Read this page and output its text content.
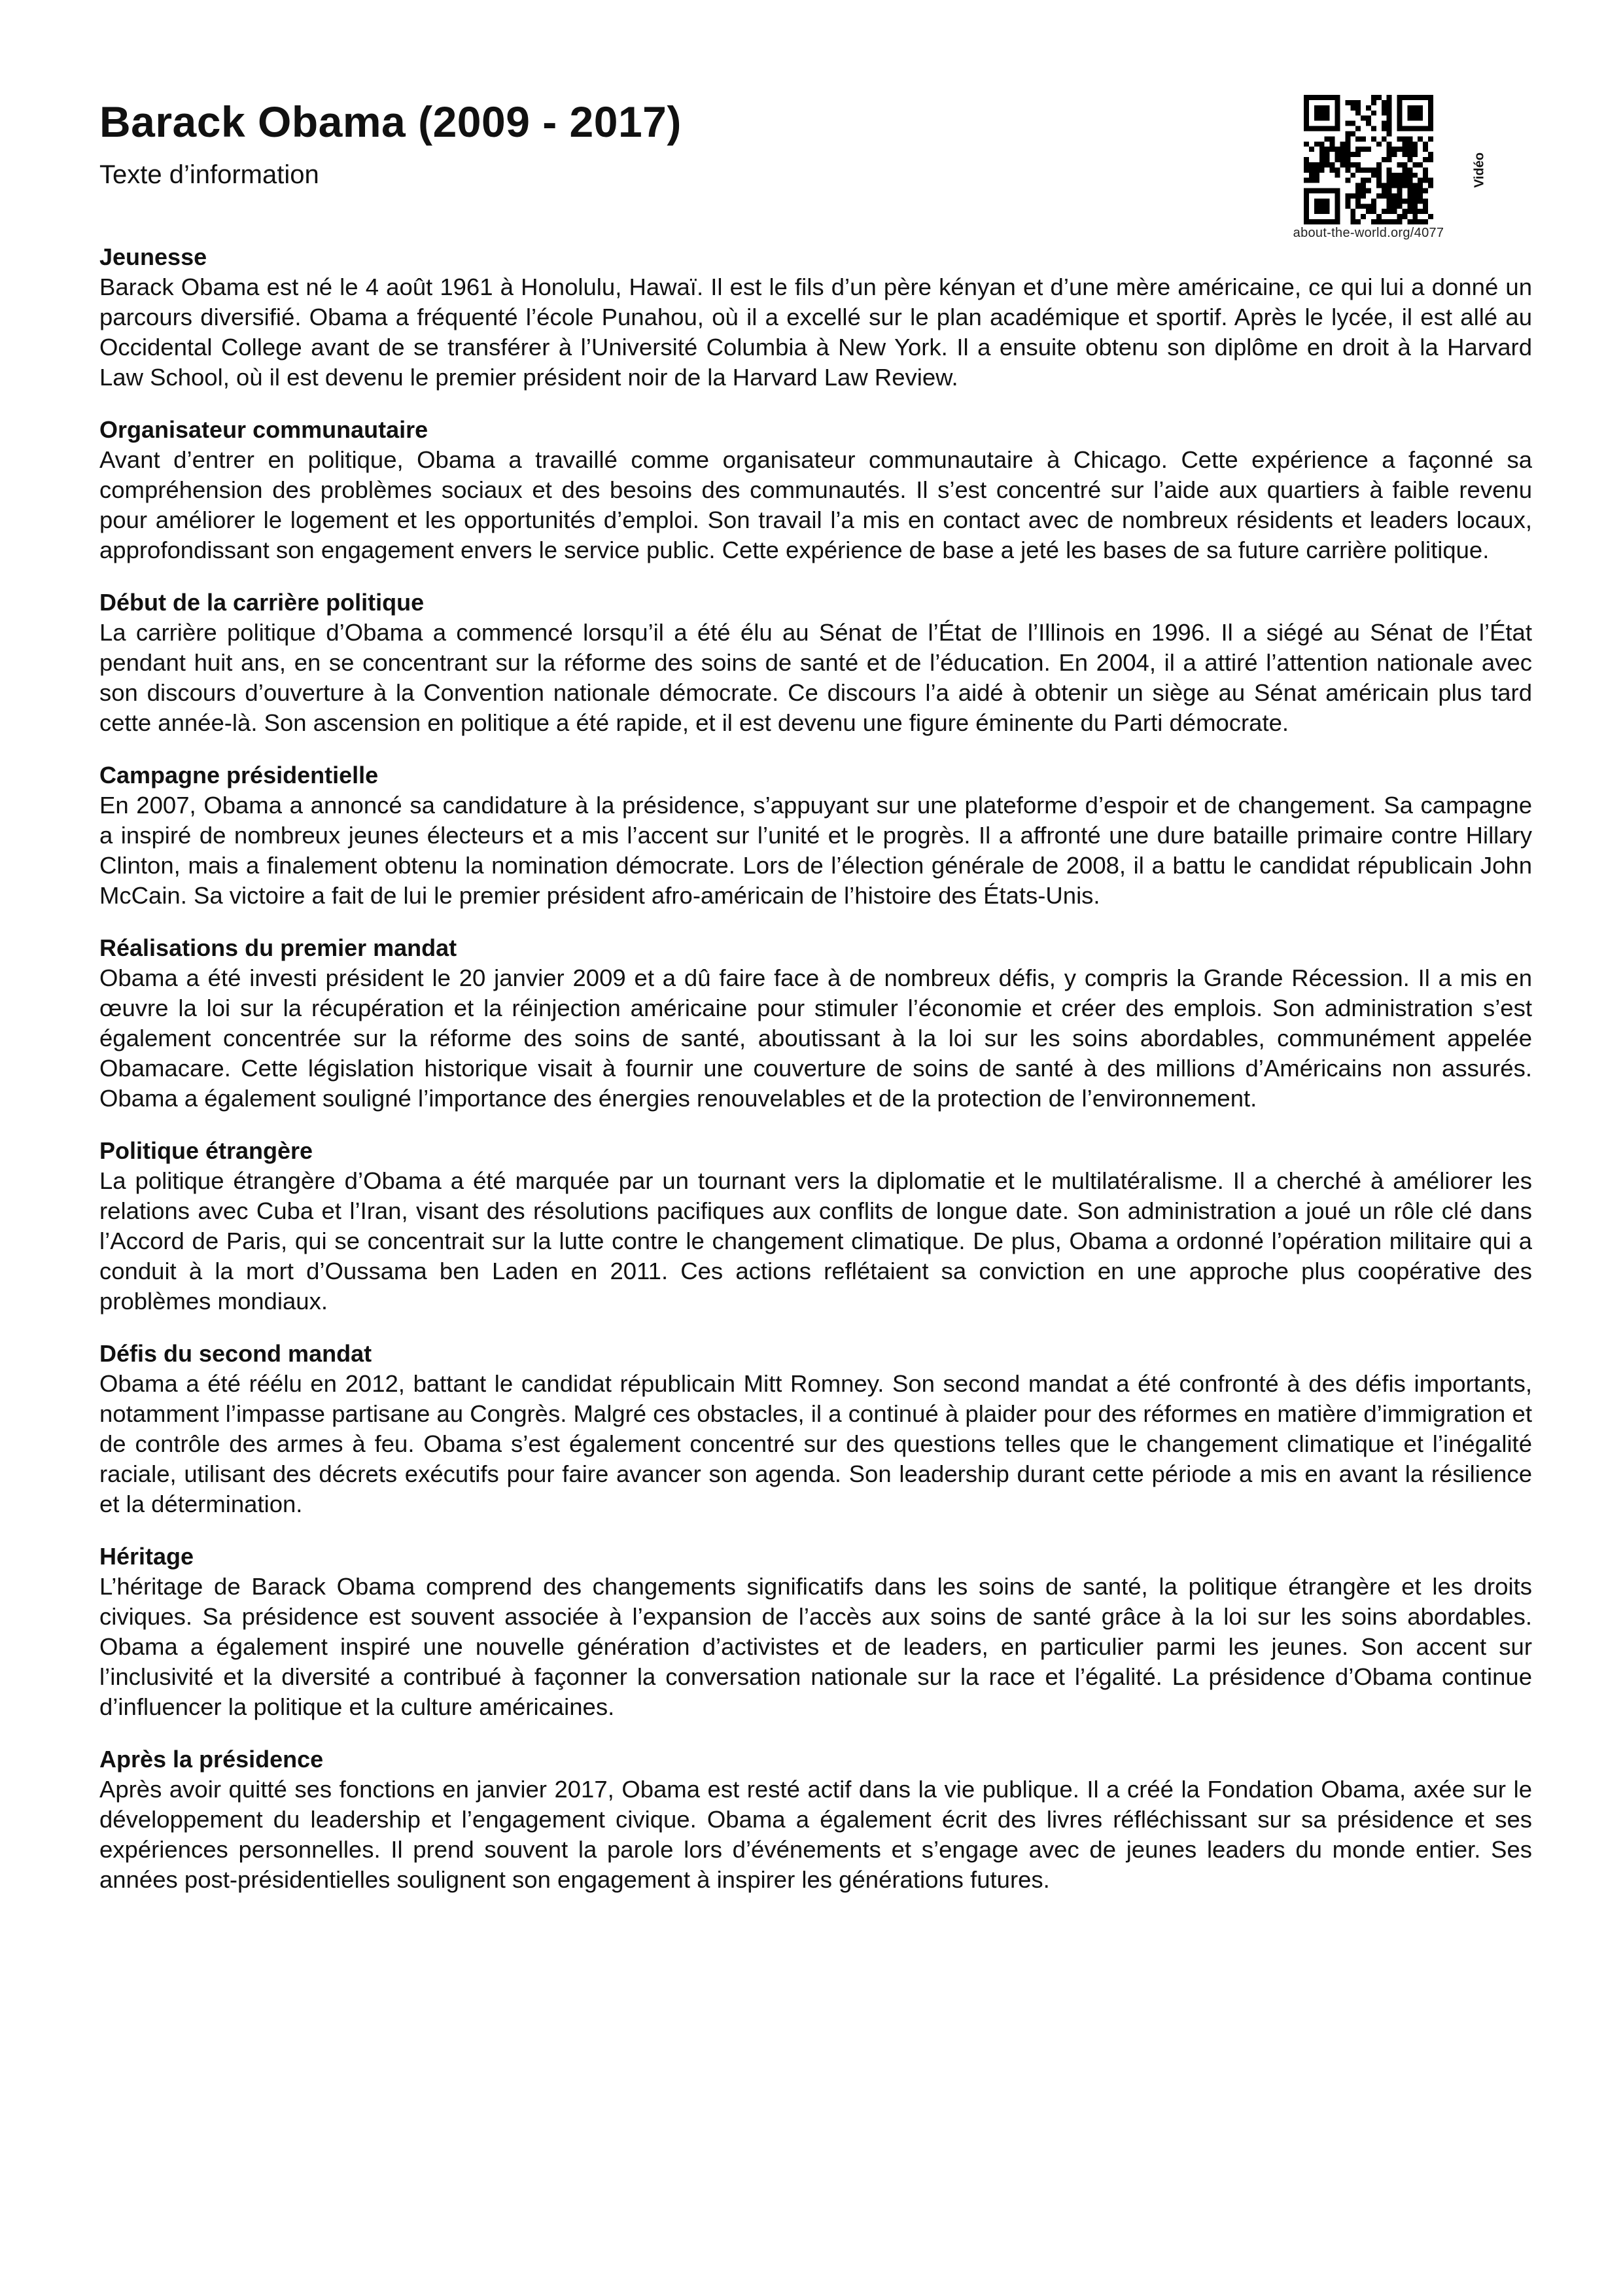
Barack Obama (2009 - 2017)
Texte d’information
about-the-world.org/4077
Vidéo
Jeunesse

Barack Obama est né le 4 août 1961 à Honolulu, Hawaï. Il est le fils d’un père kényan et d’une mère américaine, ce qui lui a donné un parcours diversifié. Obama a fréquenté l’école Punahou, où il a excellé sur le plan académique et sportif. Après le lycée, il est allé au Occidental College avant de se transférer à l’Université Columbia à New York. Il a ensuite obtenu son diplôme en droit à la Harvard Law School, où il est devenu le premier président noir de la Harvard Law Review.

Organisateur communautaire

Avant d’entrer en politique, Obama a travaillé comme organisateur communautaire à Chicago. Cette expérience a façonné sa compréhension des problèmes sociaux et des besoins des communautés. Il s’est concentré sur l’aide aux quartiers à faible revenu pour améliorer le logement et les opportunités d’emploi. Son travail l’a mis en contact avec de nombreux résidents et leaders locaux, approfondissant son engagement envers le service public. Cette expérience de base a jeté les bases de sa future carrière politique.

Début de la carrière politique

La carrière politique d’Obama a commencé lorsqu’il a été élu au Sénat de l’État de l’Illinois en 1996. Il a siégé au Sénat de l’État pendant huit ans, en se concentrant sur la réforme des soins de santé et de l’éducation. En 2004, il a attiré l’attention nationale avec son discours d’ouverture à la Convention nationale démocrate. Ce discours l’a aidé à obtenir un siège au Sénat américain plus tard cette année-là. Son ascension en politique a été rapide, et il est devenu une figure éminente du Parti démocrate.

Campagne présidentielle

En 2007, Obama a annoncé sa candidature à la présidence, s’appuyant sur une plateforme d’espoir et de changement. Sa campagne a inspiré de nombreux jeunes électeurs et a mis l’accent sur l’unité et le progrès. Il a affronté une dure bataille primaire contre Hillary Clinton, mais a finalement obtenu la nomination démocrate. Lors de l’élection générale de 2008, il a battu le candidat républicain John McCain. Sa victoire a fait de lui le premier président afro-américain de l’histoire des États-Unis.

Réalisations du premier mandat

Obama a été investi président le 20 janvier 2009 et a dû faire face à de nombreux défis, y compris la Grande Récession. Il a mis en œuvre la loi sur la récupération et la réinjection américaine pour stimuler l’économie et créer des emplois. Son administration s’est également concentrée sur la réforme des soins de santé, aboutissant à la loi sur les soins abordables, communément appelée Obamacare. Cette législation historique visait à fournir une couverture de soins de santé à des millions d’Américains non assurés. Obama a également souligné l’importance des énergies renouvelables et de la protection de l’environnement.

Politique étrangère

La politique étrangère d’Obama a été marquée par un tournant vers la diplomatie et le multilatéralisme. Il a cherché à améliorer les relations avec Cuba et l’Iran, visant des résolutions pacifiques aux conflits de longue date. Son administration a joué un rôle clé dans l’Accord de Paris, qui se concentrait sur la lutte contre le changement climatique. De plus, Obama a ordonné l’opération militaire qui a conduit à la mort d’Oussama ben Laden en 2011. Ces actions reflétaient sa conviction en une approche plus coopérative des problèmes mondiaux.

Défis du second mandat

Obama a été réélu en 2012, battant le candidat républicain Mitt Romney. Son second mandat a été confronté à des défis importants, notamment l’impasse partisane au Congrès. Malgré ces obstacles, il a continué à plaider pour des réformes en matière d’immigration et de contrôle des armes à feu. Obama s’est également concentré sur des questions telles que le changement climatique et l’inégalité raciale, utilisant des décrets exécutifs pour faire avancer son agenda. Son leadership durant cette période a mis en avant la résilience et la détermination.

Héritage

L’héritage de Barack Obama comprend des changements significatifs dans les soins de santé, la politique étrangère et les droits civiques. Sa présidence est souvent associée à l’expansion de l’accès aux soins de santé grâce à la loi sur les soins abordables. Obama a également inspiré une nouvelle génération d’activistes et de leaders, en particulier parmi les jeunes. Son accent sur l’inclusivité et la diversité a contribué à façonner la conversation nationale sur la race et l’égalité. La présidence d’Obama continue d’influencer la politique et la culture américaines.

Après la présidence

Après avoir quitté ses fonctions en janvier 2017, Obama est resté actif dans la vie publique. Il a créé la Fondation Obama, axée sur le développement du leadership et l’engagement civique. Obama a également écrit des livres réfléchissant sur sa présidence et ses expériences personnelles. Il prend souvent la parole lors d’événements et s’engage avec de jeunes leaders du monde entier. Ses années post-présidentielles soulignent son engagement à inspirer les générations futures.
